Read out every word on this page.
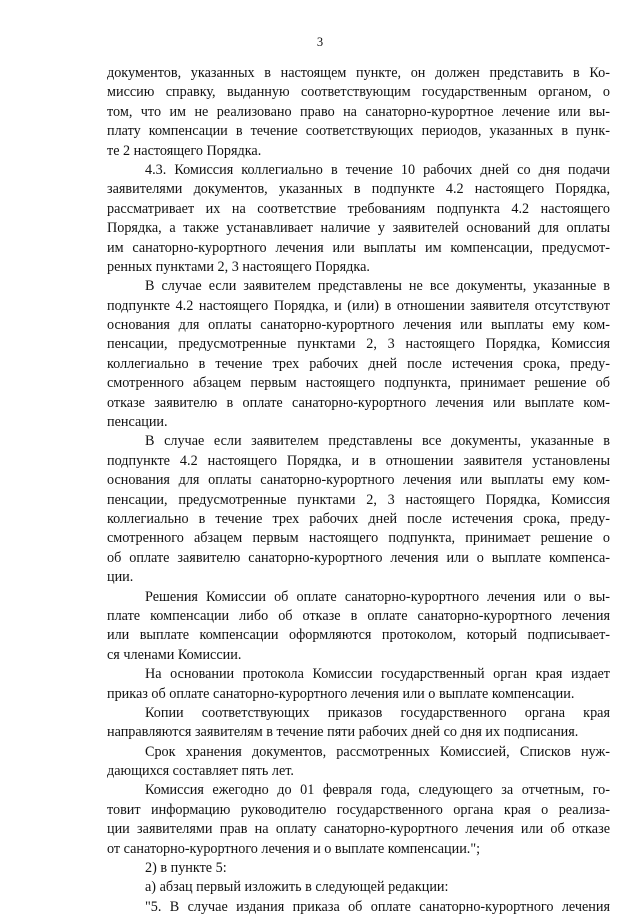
3
документов, указанных в настоящем пункте, он должен представить в Ко-
миссию справку, выданную соответствующим государственным органом, о
том, что им не реализовано право на санаторно-курортное лечение или вы-
плату компенсации в течение соответствующих периодов, указанных в пунк-
те 2 настоящего Порядка.
4.3. Комиссия коллегиально в течение 10 рабочих дней со дня подачи
заявителями документов, указанных в подпункте 4.2 настоящего Порядка,
рассматривает их на соответствие требованиям подпункта 4.2 настоящего
Порядка, а также устанавливает наличие у заявителей оснований для оплаты
им санаторно-курортного лечения или выплаты им компенсации, предусмот-
ренных пунктами 2, 3 настоящего Порядка.
В случае если заявителем представлены не все документы, указанные в
подпункте 4.2 настоящего Порядка, и (или) в отношении заявителя отсутствуют
основания для оплаты санаторно-курортного лечения или выплаты ему ком-
пенсации, предусмотренные пунктами 2, 3 настоящего Порядка, Комиссия
коллегиально в течение трех рабочих дней после истечения срока, преду-
смотренного абзацем первым настоящего подпункта, принимает решение об
отказе заявителю в оплате санаторно-курортного лечения или выплате ком-
пенсации.
В случае если заявителем представлены все документы, указанные в
подпункте 4.2 настоящего Порядка, и в отношении заявителя установлены
основания для оплаты санаторно-курортного лечения или выплаты ему ком-
пенсации, предусмотренные пунктами 2, 3 настоящего Порядка, Комиссия
коллегиально в течение трех рабочих дней после истечения срока, преду-
смотренного абзацем первым настоящего подпункта, принимает решение о
об оплате заявителю санаторно-курортного лечения или о выплате компенса-
ции.
Решения Комиссии об оплате санаторно-курортного лечения или о вы-
плате компенсации либо об отказе в оплате санаторно-курортного лечения
или выплате компенсации оформляются протоколом, который подписывает-
ся членами Комиссии.
На основании протокола Комиссии государственный орган края издает
приказ об оплате санаторно-курортного лечения или о выплате компенсации.
Копии соответствующих приказов государственного органа края
направляются заявителям в течение пяти рабочих дней со дня их подписания.
Срок хранения документов, рассмотренных Комиссией, Списков нуж-
дающихся составляет пять лет.
Комиссия ежегодно до 01 февраля года, следующего за отчетным, го-
товит информацию руководителю государственного органа края о реализа-
ции заявителями прав на оплату санаторно-курортного лечения или об отказе
от санаторно-курортного лечения и о выплате компенсации.";
2) в пункте 5:
а) абзац первый изложить в следующей редакции:
"5. В случае издания приказа об оплате санаторно-курортного лечения
